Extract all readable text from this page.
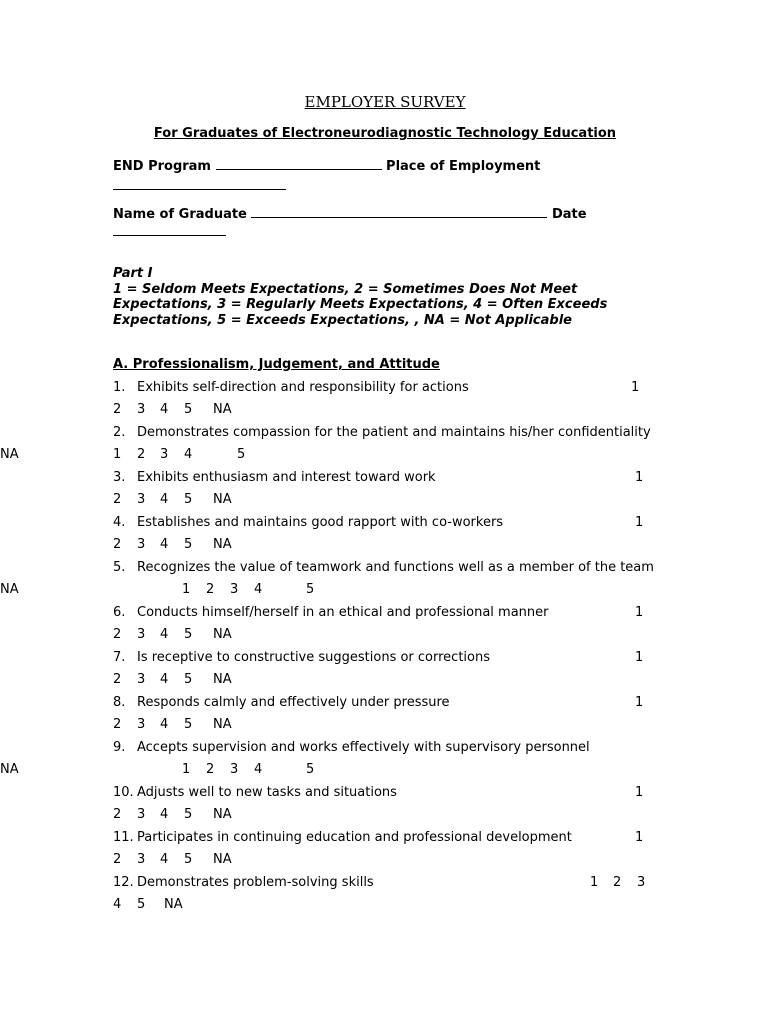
EMPLOYER SURVEY
For Graduates of Electroneurodiagnostic Technology Education
END Program	Place of Employment
Name of Graduate	Date
Part I
1 = Seldom Meets Expectations, 2 = Sometimes Does Not Meet
Expectations, 3 = Regularly Meets Expectations, 4 = Often Exceeds
Expectations, 5 = Exceeds Expectations, , NA = Not Applicable
A. Professionalism, Judgement, and Attitude
1. Exhibits self-direction and responsibility for actions	1
2 3 4 5 NA
2. Demonstrates compassion for the patient and maintains his/her confidentiality
1 2 3 4	5
NA
3. Exhibits enthusiasm and interest toward work	1
2 3 4 5 NA
4. Establishes and maintains good rapport with co-workers	1
2 3 4 5 NA
5. Recognizes the value of teamwork and functions well as a member of the team
1 2 3 4	5
NA
6. Conducts himself/herself in an ethical and professional manner	1
2 3 4 5 NA
7. Is receptive to constructive suggestions or corrections	1
2 3 4 5 NA
8. Responds calmly and effectively under pressure	1
2 3 4 5 NA
9. Accepts supervision and works effectively with supervisory personnel
1 2 3 4	5
NA
10. Adjusts well to new tasks and situations	1
2 3 4 5 NA
11. Participates in continuing education and professional development	1
2 3 4 5 NA
12. Demonstrates problem-solving skills	1 2 3
4 5 NA
